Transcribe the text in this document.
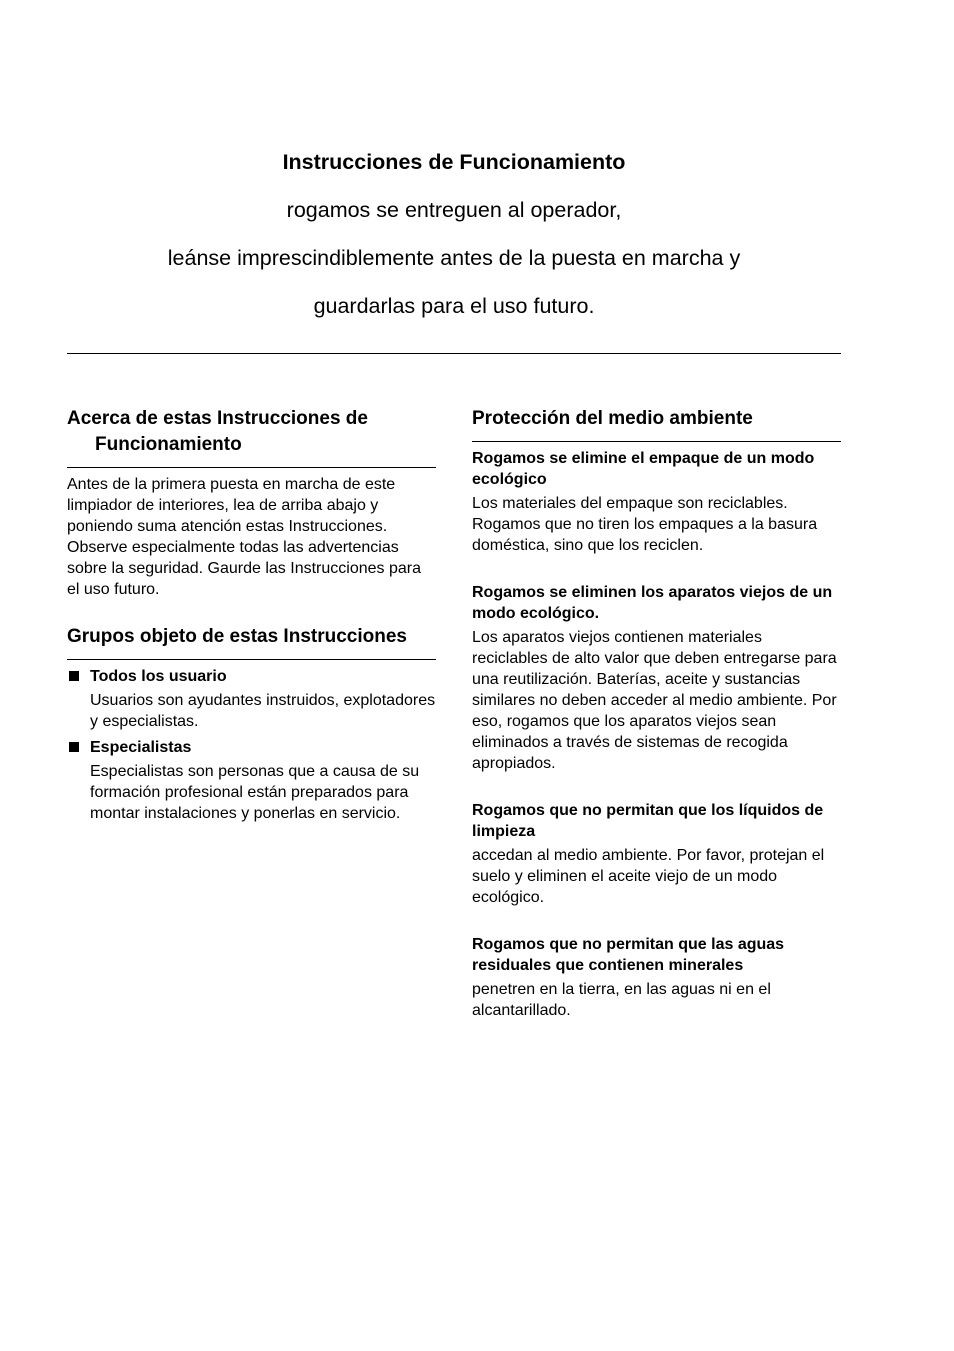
Instrucciones de Funcionamiento

rogamos se entreguen al operador,

leánse imprescindiblemente antes de la puesta en marcha y

guardarlas para el uso futuro.

Acerca de estas Instrucciones de Funcionamiento

Antes de la primera puesta en marcha de este limpiador de interiores, lea de arriba abajo y poniendo suma atención estas Instrucciones. Observe especialmente todas las advertencias sobre la seguridad. Gaurde las Instrucciones para el uso futuro.

Grupos objeto de estas Instrucciones

Todos los usuario

Usuarios son ayudantes instruidos, explotadores y especialistas.

Especialistas

Especialistas son personas que a causa de su formación profesional están preparados para montar instalaciones y ponerlas en servicio.

Protección del medio ambiente

Rogamos se elimine el empaque de un modo ecológico

Los materiales del empaque son reciclables. Rogamos que no tiren los empaques a la basura doméstica, sino que los reciclen.

Rogamos se eliminen los aparatos viejos de un modo ecológico.

Los aparatos viejos contienen materiales reciclables de alto valor que deben entregarse para una reutilización. Baterías, aceite y sustancias similares no deben acceder al medio ambiente. Por eso, rogamos que los aparatos viejos sean eliminados a través de sistemas de recogida apropiados.

Rogamos que no permitan que los líquidos de limpieza

accedan al medio ambiente. Por favor, protejan el suelo y eliminen el aceite viejo de un modo ecológico.

Rogamos que no permitan que las aguas residuales que contienen minerales

penetren en la tierra, en las aguas ni en el alcantarillado.
